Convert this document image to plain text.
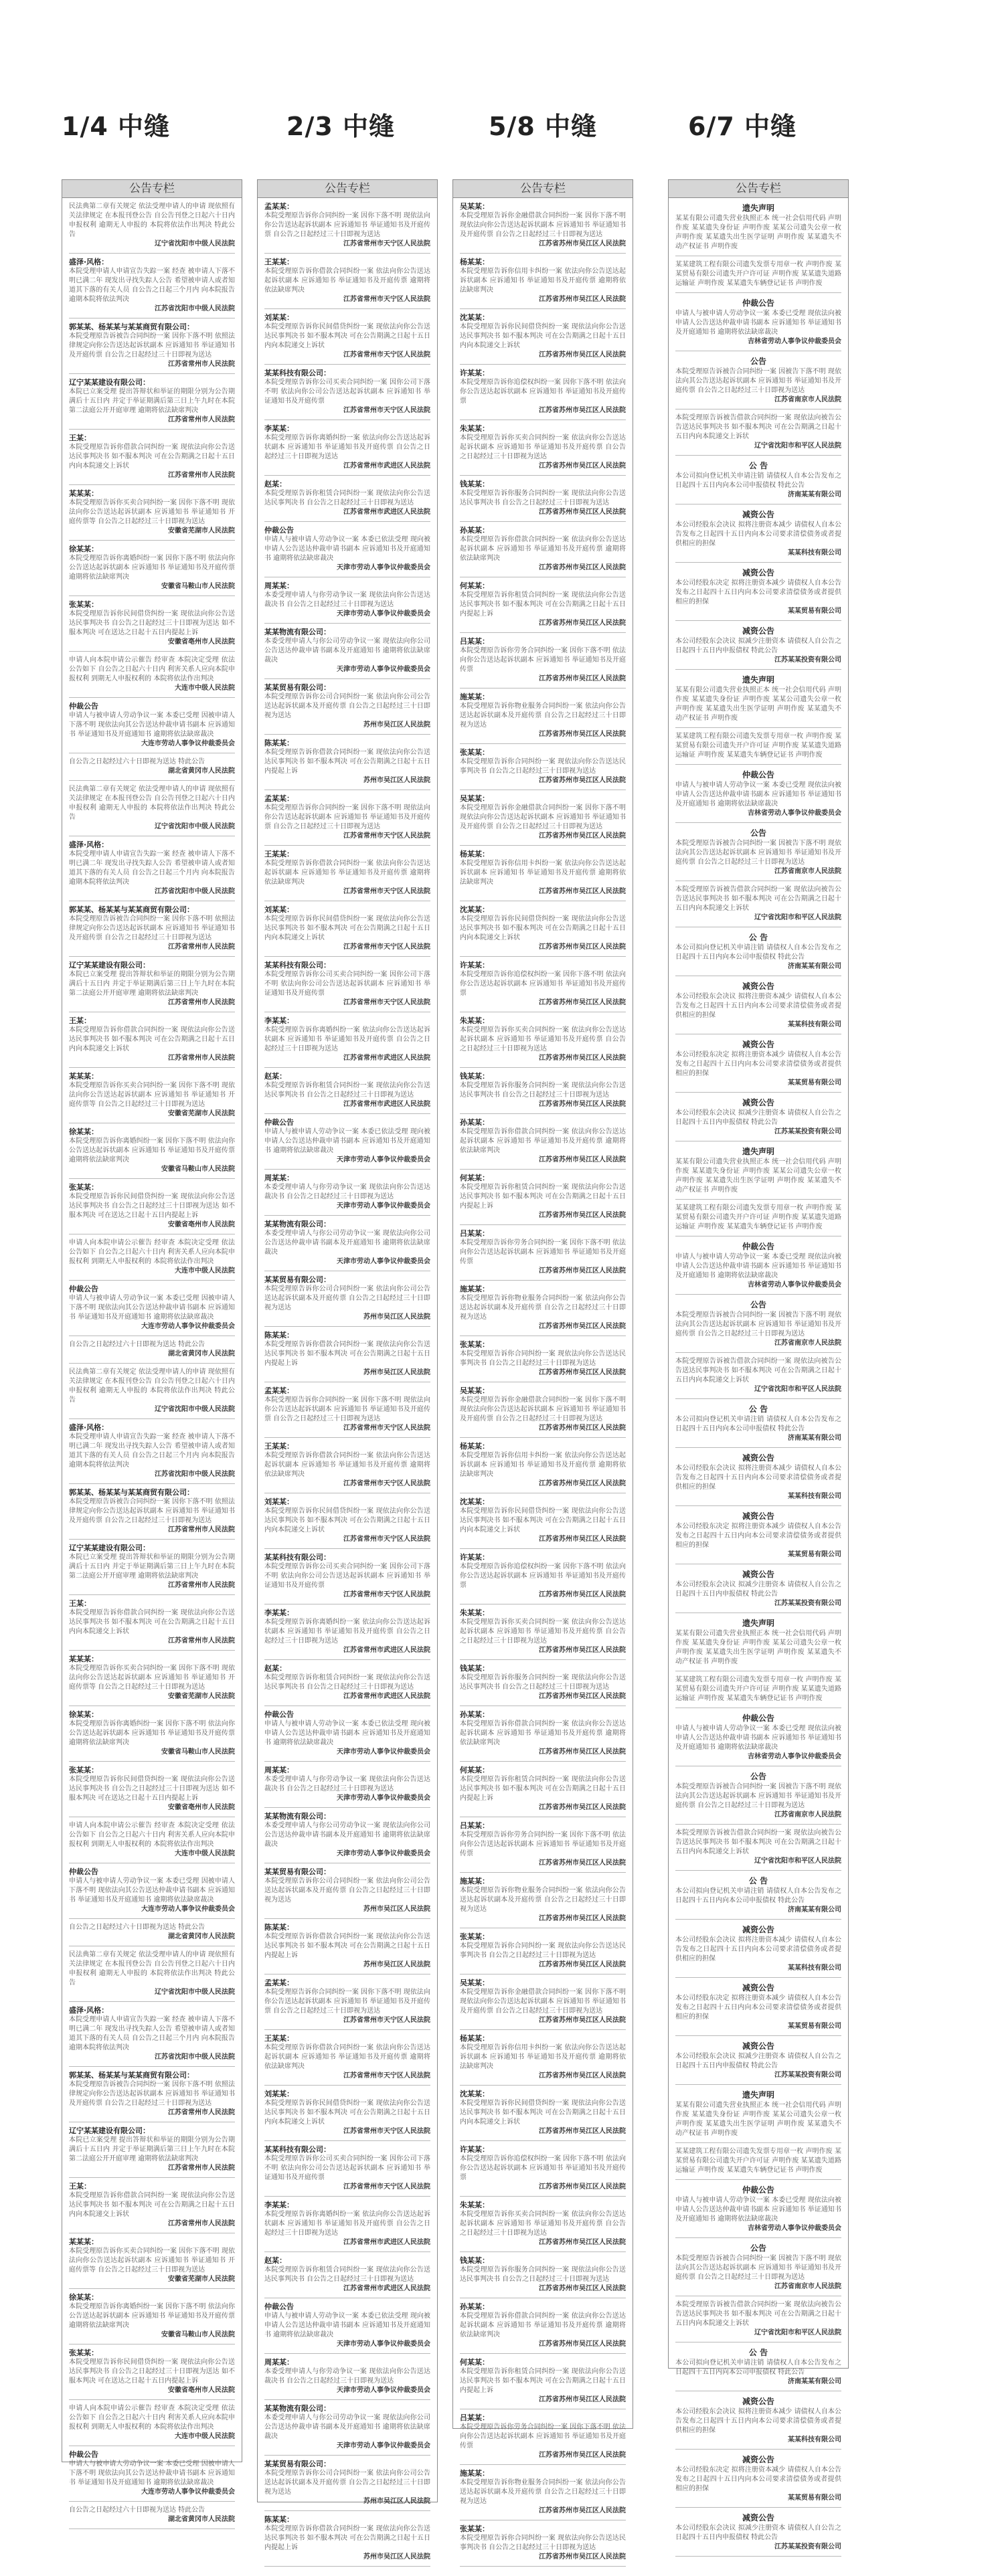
1/4 中缝	2/3 中缝	5/8 中缝	6/7 中缝
公告专栏
民法典第二章有关规定 依法受理申请人的申请 现依照有关法律规定 在本报刊登公告 自公告刊登之日起六十日内 申报权利 逾期无人申报的 本院将依法作出判决 特此公告
辽宁省沈阳市中级人民法院
盛泽·风格：
本院受理申请人申请宣告失踪一案 经查 被申请人下落不明已满二年 现发出寻找失踪人公告 希望被申请人或者知道其下落的有关人员 自公告之日起三个月内 向本院报告 逾期本院将依法判决
江苏省沈阳市中级人民法院
郭某某、杨某某与某某商贸有限公司：
本院受理原告诉被告合同纠纷一案 因你下落不明 依照法律规定向你公告送达起诉状副本 应诉通知书 举证通知书及开庭传票 自公告之日起经过三十日即视为送达
江苏省常州市人民法院
辽宁某某建设有限公司：
本院已立案受理 提出答辩状和举证的期限分别为公告期满后十五日内 并定于举证期满后第三日上午九时在本院第二法庭公开开庭审理 逾期将依法缺席判决
江苏省常州市人民法院
王某：
本院受理原告诉你借款合同纠纷一案 现依法向你公告送达民事判决书 如不服本判决 可在公告期满之日起十五日内向本院递交上诉状
江苏省常州市人民法院
某某某：
本院受理原告诉你买卖合同纠纷一案 因你下落不明 现依法向你公告送达起诉状副本 应诉通知书 举证通知书 开庭传票等 自公告之日起经过三十日即视为送达
安徽省芜湖市人民法院
徐某某：
本院受理原告诉你离婚纠纷一案 因你下落不明 依法向你公告送达起诉状副本 应诉通知书 举证通知书及开庭传票 逾期将依法缺席判决
安徽省马鞍山市人民法院
张某某：
本院受理原告诉你民间借贷纠纷一案 现依法向你公告送达民事判决书 自公告之日起经过三十日即视为送达 如不服本判决 可在送达之日起十五日内提起上诉
安徽省亳州市人民法院
申请人向本院申请公示催告 经审查 本院决定受理 依法公告如下 自公告之日起六十日内 利害关系人应向本院申报权利 到期无人申报权利的 本院将依法作出判决
大连市中级人民法院
仲裁公告
申请人与被申请人劳动争议一案 本委已受理 因被申请人下落不明 现依法向其公告送达仲裁申请书副本 应诉通知书 举证通知书及开庭通知书 逾期将依法缺席裁决
大连市劳动人事争议仲裁委员会
自公告之日起经过六十日即视为送达 特此公告
湖北省黄冈市人民法院
民法典第二章有关规定 依法受理申请人的申请 现依照有关法律规定 在本报刊登公告 自公告刊登之日起六十日内 申报权利 逾期无人申报的 本院将依法作出判决 特此公告
辽宁省沈阳市中级人民法院
盛泽·风格：
本院受理申请人申请宣告失踪一案 经查 被申请人下落不明已满二年 现发出寻找失踪人公告 希望被申请人或者知道其下落的有关人员 自公告之日起三个月内 向本院报告 逾期本院将依法判决
江苏省沈阳市中级人民法院
郭某某、杨某某与某某商贸有限公司：
本院受理原告诉被告合同纠纷一案 因你下落不明 依照法律规定向你公告送达起诉状副本 应诉通知书 举证通知书及开庭传票 自公告之日起经过三十日即视为送达
江苏省常州市人民法院
辽宁某某建设有限公司：
本院已立案受理 提出答辩状和举证的期限分别为公告期满后十五日内 并定于举证期满后第三日上午九时在本院第二法庭公开开庭审理 逾期将依法缺席判决
江苏省常州市人民法院
王某：
本院受理原告诉你借款合同纠纷一案 现依法向你公告送达民事判决书 如不服本判决 可在公告期满之日起十五日内向本院递交上诉状
江苏省常州市人民法院
某某某：
本院受理原告诉你买卖合同纠纷一案 因你下落不明 现依法向你公告送达起诉状副本 应诉通知书 举证通知书 开庭传票等 自公告之日起经过三十日即视为送达
安徽省芜湖市人民法院
徐某某：
本院受理原告诉你离婚纠纷一案 因你下落不明 依法向你公告送达起诉状副本 应诉通知书 举证通知书及开庭传票 逾期将依法缺席判决
安徽省马鞍山市人民法院
张某某：
本院受理原告诉你民间借贷纠纷一案 现依法向你公告送达民事判决书 自公告之日起经过三十日即视为送达 如不服本判决 可在送达之日起十五日内提起上诉
安徽省亳州市人民法院
申请人向本院申请公示催告 经审查 本院决定受理 依法公告如下 自公告之日起六十日内 利害关系人应向本院申报权利 到期无人申报权利的 本院将依法作出判决
大连市中级人民法院
仲裁公告
申请人与被申请人劳动争议一案 本委已受理 因被申请人下落不明 现依法向其公告送达仲裁申请书副本 应诉通知书 举证通知书及开庭通知书 逾期将依法缺席裁决
大连市劳动人事争议仲裁委员会
自公告之日起经过六十日即视为送达 特此公告
湖北省黄冈市人民法院
民法典第二章有关规定 依法受理申请人的申请 现依照有关法律规定 在本报刊登公告 自公告刊登之日起六十日内 申报权利 逾期无人申报的 本院将依法作出判决 特此公告
辽宁省沈阳市中级人民法院
盛泽·风格：
本院受理申请人申请宣告失踪一案 经查 被申请人下落不明已满二年 现发出寻找失踪人公告 希望被申请人或者知道其下落的有关人员 自公告之日起三个月内 向本院报告 逾期本院将依法判决
江苏省沈阳市中级人民法院
郭某某、杨某某与某某商贸有限公司：
本院受理原告诉被告合同纠纷一案 因你下落不明 依照法律规定向你公告送达起诉状副本 应诉通知书 举证通知书及开庭传票 自公告之日起经过三十日即视为送达
江苏省常州市人民法院
辽宁某某建设有限公司：
本院已立案受理 提出答辩状和举证的期限分别为公告期满后十五日内 并定于举证期满后第三日上午九时在本院第二法庭公开开庭审理 逾期将依法缺席判决
江苏省常州市人民法院
王某：
本院受理原告诉你借款合同纠纷一案 现依法向你公告送达民事判决书 如不服本判决 可在公告期满之日起十五日内向本院递交上诉状
江苏省常州市人民法院
某某某：
本院受理原告诉你买卖合同纠纷一案 因你下落不明 现依法向你公告送达起诉状副本 应诉通知书 举证通知书 开庭传票等 自公告之日起经过三十日即视为送达
安徽省芜湖市人民法院
徐某某：
本院受理原告诉你离婚纠纷一案 因你下落不明 依法向你公告送达起诉状副本 应诉通知书 举证通知书及开庭传票 逾期将依法缺席判决
安徽省马鞍山市人民法院
张某某：
本院受理原告诉你民间借贷纠纷一案 现依法向你公告送达民事判决书 自公告之日起经过三十日即视为送达 如不服本判决 可在送达之日起十五日内提起上诉
安徽省亳州市人民法院
申请人向本院申请公示催告 经审查 本院决定受理 依法公告如下 自公告之日起六十日内 利害关系人应向本院申报权利 到期无人申报权利的 本院将依法作出判决
大连市中级人民法院
仲裁公告
申请人与被申请人劳动争议一案 本委已受理 因被申请人下落不明 现依法向其公告送达仲裁申请书副本 应诉通知书 举证通知书及开庭通知书 逾期将依法缺席裁决
大连市劳动人事争议仲裁委员会
自公告之日起经过六十日即视为送达 特此公告
湖北省黄冈市人民法院
民法典第二章有关规定 依法受理申请人的申请 现依照有关法律规定 在本报刊登公告 自公告刊登之日起六十日内 申报权利 逾期无人申报的 本院将依法作出判决 特此公告
辽宁省沈阳市中级人民法院
盛泽·风格：
本院受理申请人申请宣告失踪一案 经查 被申请人下落不明已满二年 现发出寻找失踪人公告 希望被申请人或者知道其下落的有关人员 自公告之日起三个月内 向本院报告 逾期本院将依法判决
江苏省沈阳市中级人民法院
郭某某、杨某某与某某商贸有限公司：
本院受理原告诉被告合同纠纷一案 因你下落不明 依照法律规定向你公告送达起诉状副本 应诉通知书 举证通知书及开庭传票 自公告之日起经过三十日即视为送达
江苏省常州市人民法院
辽宁某某建设有限公司：
本院已立案受理 提出答辩状和举证的期限分别为公告期满后十五日内 并定于举证期满后第三日上午九时在本院第二法庭公开开庭审理 逾期将依法缺席判决
江苏省常州市人民法院
王某：
本院受理原告诉你借款合同纠纷一案 现依法向你公告送达民事判决书 如不服本判决 可在公告期满之日起十五日内向本院递交上诉状
江苏省常州市人民法院
某某某：
本院受理原告诉你买卖合同纠纷一案 因你下落不明 现依法向你公告送达起诉状副本 应诉通知书 举证通知书 开庭传票等 自公告之日起经过三十日即视为送达
安徽省芜湖市人民法院
徐某某：
本院受理原告诉你离婚纠纷一案 因你下落不明 依法向你公告送达起诉状副本 应诉通知书 举证通知书及开庭传票 逾期将依法缺席判决
安徽省马鞍山市人民法院
张某某：
本院受理原告诉你民间借贷纠纷一案 现依法向你公告送达民事判决书 自公告之日起经过三十日即视为送达 如不服本判决 可在送达之日起十五日内提起上诉
安徽省亳州市人民法院
申请人向本院申请公示催告 经审查 本院决定受理 依法公告如下 自公告之日起六十日内 利害关系人应向本院申报权利 到期无人申报权利的 本院将依法作出判决
大连市中级人民法院
仲裁公告
申请人与被申请人劳动争议一案 本委已受理 因被申请人下落不明 现依法向其公告送达仲裁申请书副本 应诉通知书 举证通知书及开庭通知书 逾期将依法缺席裁决
大连市劳动人事争议仲裁委员会
自公告之日起经过六十日即视为送达 特此公告
湖北省黄冈市人民法院
公告专栏
孟某某：
本院受理原告诉你合同纠纷一案 因你下落不明 现依法向你公告送达起诉状副本 应诉通知书 举证通知书及开庭传票 自公告之日起经过三十日即视为送达
江苏省常州市天宁区人民法院
王某某：
本院受理原告诉你借款合同纠纷一案 依法向你公告送达起诉状副本 应诉通知书 举证通知书及开庭传票 逾期将依法缺席判决
江苏省常州市天宁区人民法院
刘某某：
本院受理原告诉你民间借贷纠纷一案 现依法向你公告送达民事判决书 如不服本判决 可在公告期满之日起十五日内向本院递交上诉状
江苏省常州市天宁区人民法院
某某科技有限公司：
本院受理原告诉你公司买卖合同纠纷一案 因你公司下落不明 依法向你公司公告送达起诉状副本 应诉通知书 举证通知书及开庭传票
江苏省常州市天宁区人民法院
李某某：
本院受理原告诉你离婚纠纷一案 依法向你公告送达起诉状副本 应诉通知书 举证通知书及开庭传票 自公告之日起经过三十日即视为送达
江苏省常州市武进区人民法院
赵某：
本院受理原告诉你租赁合同纠纷一案 现依法向你公告送达民事判决书 自公告之日起经过三十日即视为送达
江苏省常州市武进区人民法院
仲裁公告
申请人与被申请人劳动争议一案 本委已依法受理 现向被申请人公告送达仲裁申请书副本 应诉通知书及开庭通知书 逾期将依法缺席裁决
天津市劳动人事争议仲裁委员会
周某某：
本委受理申请人与你劳动争议一案 现依法向你公告送达裁决书 自公告之日起经过三十日即视为送达
天津市劳动人事争议仲裁委员会
某某物流有限公司：
本委受理申请人与你公司劳动争议一案 现依法向你公司公告送达仲裁申请书副本及开庭通知书 逾期将依法缺席裁决
天津市劳动人事争议仲裁委员会
某某贸易有限公司：
本院受理原告诉你公司合同纠纷一案 依法向你公司公告送达起诉状副本及开庭传票 自公告之日起经过三十日即视为送达
苏州市吴江区人民法院
陈某某：
本院受理原告诉你借款合同纠纷一案 现依法向你公告送达民事判决书 如不服本判决 可在公告期满之日起十五日内提起上诉
苏州市吴江区人民法院
孟某某：
本院受理原告诉你合同纠纷一案 因你下落不明 现依法向你公告送达起诉状副本 应诉通知书 举证通知书及开庭传票 自公告之日起经过三十日即视为送达
江苏省常州市天宁区人民法院
王某某：
本院受理原告诉你借款合同纠纷一案 依法向你公告送达起诉状副本 应诉通知书 举证通知书及开庭传票 逾期将依法缺席判决
江苏省常州市天宁区人民法院
刘某某：
本院受理原告诉你民间借贷纠纷一案 现依法向你公告送达民事判决书 如不服本判决 可在公告期满之日起十五日内向本院递交上诉状
江苏省常州市天宁区人民法院
某某科技有限公司：
本院受理原告诉你公司买卖合同纠纷一案 因你公司下落不明 依法向你公司公告送达起诉状副本 应诉通知书 举证通知书及开庭传票
江苏省常州市天宁区人民法院
李某某：
本院受理原告诉你离婚纠纷一案 依法向你公告送达起诉状副本 应诉通知书 举证通知书及开庭传票 自公告之日起经过三十日即视为送达
江苏省常州市武进区人民法院
赵某：
本院受理原告诉你租赁合同纠纷一案 现依法向你公告送达民事判决书 自公告之日起经过三十日即视为送达
江苏省常州市武进区人民法院
仲裁公告
申请人与被申请人劳动争议一案 本委已依法受理 现向被申请人公告送达仲裁申请书副本 应诉通知书及开庭通知书 逾期将依法缺席裁决
天津市劳动人事争议仲裁委员会
周某某：
本委受理申请人与你劳动争议一案 现依法向你公告送达裁决书 自公告之日起经过三十日即视为送达
天津市劳动人事争议仲裁委员会
某某物流有限公司：
本委受理申请人与你公司劳动争议一案 现依法向你公司公告送达仲裁申请书副本及开庭通知书 逾期将依法缺席裁决
天津市劳动人事争议仲裁委员会
某某贸易有限公司：
本院受理原告诉你公司合同纠纷一案 依法向你公司公告送达起诉状副本及开庭传票 自公告之日起经过三十日即视为送达
苏州市吴江区人民法院
陈某某：
本院受理原告诉你借款合同纠纷一案 现依法向你公告送达民事判决书 如不服本判决 可在公告期满之日起十五日内提起上诉
苏州市吴江区人民法院
孟某某：
本院受理原告诉你合同纠纷一案 因你下落不明 现依法向你公告送达起诉状副本 应诉通知书 举证通知书及开庭传票 自公告之日起经过三十日即视为送达
江苏省常州市天宁区人民法院
王某某：
本院受理原告诉你借款合同纠纷一案 依法向你公告送达起诉状副本 应诉通知书 举证通知书及开庭传票 逾期将依法缺席判决
江苏省常州市天宁区人民法院
刘某某：
本院受理原告诉你民间借贷纠纷一案 现依法向你公告送达民事判决书 如不服本判决 可在公告期满之日起十五日内向本院递交上诉状
江苏省常州市天宁区人民法院
某某科技有限公司：
本院受理原告诉你公司买卖合同纠纷一案 因你公司下落不明 依法向你公司公告送达起诉状副本 应诉通知书 举证通知书及开庭传票
江苏省常州市天宁区人民法院
李某某：
本院受理原告诉你离婚纠纷一案 依法向你公告送达起诉状副本 应诉通知书 举证通知书及开庭传票 自公告之日起经过三十日即视为送达
江苏省常州市武进区人民法院
赵某：
本院受理原告诉你租赁合同纠纷一案 现依法向你公告送达民事判决书 自公告之日起经过三十日即视为送达
江苏省常州市武进区人民法院
仲裁公告
申请人与被申请人劳动争议一案 本委已依法受理 现向被申请人公告送达仲裁申请书副本 应诉通知书及开庭通知书 逾期将依法缺席裁决
天津市劳动人事争议仲裁委员会
周某某：
本委受理申请人与你劳动争议一案 现依法向你公告送达裁决书 自公告之日起经过三十日即视为送达
天津市劳动人事争议仲裁委员会
某某物流有限公司：
本委受理申请人与你公司劳动争议一案 现依法向你公司公告送达仲裁申请书副本及开庭通知书 逾期将依法缺席裁决
天津市劳动人事争议仲裁委员会
某某贸易有限公司：
本院受理原告诉你公司合同纠纷一案 依法向你公司公告送达起诉状副本及开庭传票 自公告之日起经过三十日即视为送达
苏州市吴江区人民法院
陈某某：
本院受理原告诉你借款合同纠纷一案 现依法向你公告送达民事判决书 如不服本判决 可在公告期满之日起十五日内提起上诉
苏州市吴江区人民法院
孟某某：
本院受理原告诉你合同纠纷一案 因你下落不明 现依法向你公告送达起诉状副本 应诉通知书 举证通知书及开庭传票 自公告之日起经过三十日即视为送达
江苏省常州市天宁区人民法院
王某某：
本院受理原告诉你借款合同纠纷一案 依法向你公告送达起诉状副本 应诉通知书 举证通知书及开庭传票 逾期将依法缺席判决
江苏省常州市天宁区人民法院
刘某某：
本院受理原告诉你民间借贷纠纷一案 现依法向你公告送达民事判决书 如不服本判决 可在公告期满之日起十五日内向本院递交上诉状
江苏省常州市天宁区人民法院
某某科技有限公司：
本院受理原告诉你公司买卖合同纠纷一案 因你公司下落不明 依法向你公司公告送达起诉状副本 应诉通知书 举证通知书及开庭传票
江苏省常州市天宁区人民法院
李某某：
本院受理原告诉你离婚纠纷一案 依法向你公告送达起诉状副本 应诉通知书 举证通知书及开庭传票 自公告之日起经过三十日即视为送达
江苏省常州市武进区人民法院
赵某：
本院受理原告诉你租赁合同纠纷一案 现依法向你公告送达民事判决书 自公告之日起经过三十日即视为送达
江苏省常州市武进区人民法院
仲裁公告
申请人与被申请人劳动争议一案 本委已依法受理 现向被申请人公告送达仲裁申请书副本 应诉通知书及开庭通知书 逾期将依法缺席裁决
天津市劳动人事争议仲裁委员会
周某某：
本委受理申请人与你劳动争议一案 现依法向你公告送达裁决书 自公告之日起经过三十日即视为送达
天津市劳动人事争议仲裁委员会
某某物流有限公司：
本委受理申请人与你公司劳动争议一案 现依法向你公司公告送达仲裁申请书副本及开庭通知书 逾期将依法缺席裁决
天津市劳动人事争议仲裁委员会
某某贸易有限公司：
本院受理原告诉你公司合同纠纷一案 依法向你公司公告送达起诉状副本及开庭传票 自公告之日起经过三十日即视为送达
苏州市吴江区人民法院
陈某某：
本院受理原告诉你借款合同纠纷一案 现依法向你公告送达民事判决书 如不服本判决 可在公告期满之日起十五日内提起上诉
苏州市吴江区人民法院
公告专栏
吴某某：
本院受理原告诉你金融借款合同纠纷一案 因你下落不明 现依法向你公告送达起诉状副本 应诉通知书 举证通知书及开庭传票 自公告之日起经过三十日即视为送达
江苏省苏州市吴江区人民法院
杨某某：
本院受理原告诉你信用卡纠纷一案 依法向你公告送达起诉状副本 应诉通知书 举证通知书及开庭传票 逾期将依法缺席判决
江苏省苏州市吴江区人民法院
沈某某：
本院受理原告诉你民间借贷纠纷一案 现依法向你公告送达民事判决书 如不服本判决 可在公告期满之日起十五日内向本院递交上诉状
江苏省苏州市吴江区人民法院
许某某：
本院受理原告诉你追偿权纠纷一案 因你下落不明 依法向你公告送达起诉状副本 应诉通知书 举证通知书及开庭传票
江苏省苏州市吴江区人民法院
朱某某：
本院受理原告诉你买卖合同纠纷一案 依法向你公告送达起诉状副本 应诉通知书 举证通知书及开庭传票 自公告之日起经过三十日即视为送达
江苏省苏州市吴江区人民法院
钱某某：
本院受理原告诉你服务合同纠纷一案 现依法向你公告送达民事判决书 自公告之日起经过三十日即视为送达
江苏省苏州市吴江区人民法院
孙某某：
本院受理原告诉你借款合同纠纷一案 依法向你公告送达起诉状副本 应诉通知书 举证通知书及开庭传票 逾期将依法缺席判决
江苏省苏州市吴江区人民法院
何某某：
本院受理原告诉你租赁合同纠纷一案 现依法向你公告送达民事判决书 如不服本判决 可在公告期满之日起十五日内提起上诉
江苏省苏州市吴江区人民法院
吕某某：
本院受理原告诉你劳务合同纠纷一案 因你下落不明 依法向你公告送达起诉状副本 应诉通知书 举证通知书及开庭传票
江苏省苏州市吴江区人民法院
施某某：
本院受理原告诉你物业服务合同纠纷一案 依法向你公告送达起诉状副本及开庭传票 自公告之日起经过三十日即视为送达
江苏省苏州市吴江区人民法院
张某某：
本院受理原告诉你合同纠纷一案 现依法向你公告送达民事判决书 自公告之日起经过三十日即视为送达
江苏省苏州市吴江区人民法院
吴某某：
本院受理原告诉你金融借款合同纠纷一案 因你下落不明 现依法向你公告送达起诉状副本 应诉通知书 举证通知书及开庭传票 自公告之日起经过三十日即视为送达
江苏省苏州市吴江区人民法院
杨某某：
本院受理原告诉你信用卡纠纷一案 依法向你公告送达起诉状副本 应诉通知书 举证通知书及开庭传票 逾期将依法缺席判决
江苏省苏州市吴江区人民法院
沈某某：
本院受理原告诉你民间借贷纠纷一案 现依法向你公告送达民事判决书 如不服本判决 可在公告期满之日起十五日内向本院递交上诉状
江苏省苏州市吴江区人民法院
许某某：
本院受理原告诉你追偿权纠纷一案 因你下落不明 依法向你公告送达起诉状副本 应诉通知书 举证通知书及开庭传票
江苏省苏州市吴江区人民法院
朱某某：
本院受理原告诉你买卖合同纠纷一案 依法向你公告送达起诉状副本 应诉通知书 举证通知书及开庭传票 自公告之日起经过三十日即视为送达
江苏省苏州市吴江区人民法院
钱某某：
本院受理原告诉你服务合同纠纷一案 现依法向你公告送达民事判决书 自公告之日起经过三十日即视为送达
江苏省苏州市吴江区人民法院
孙某某：
本院受理原告诉你借款合同纠纷一案 依法向你公告送达起诉状副本 应诉通知书 举证通知书及开庭传票 逾期将依法缺席判决
江苏省苏州市吴江区人民法院
何某某：
本院受理原告诉你租赁合同纠纷一案 现依法向你公告送达民事判决书 如不服本判决 可在公告期满之日起十五日内提起上诉
江苏省苏州市吴江区人民法院
吕某某：
本院受理原告诉你劳务合同纠纷一案 因你下落不明 依法向你公告送达起诉状副本 应诉通知书 举证通知书及开庭传票
江苏省苏州市吴江区人民法院
施某某：
本院受理原告诉你物业服务合同纠纷一案 依法向你公告送达起诉状副本及开庭传票 自公告之日起经过三十日即视为送达
江苏省苏州市吴江区人民法院
张某某：
本院受理原告诉你合同纠纷一案 现依法向你公告送达民事判决书 自公告之日起经过三十日即视为送达
江苏省苏州市吴江区人民法院
吴某某：
本院受理原告诉你金融借款合同纠纷一案 因你下落不明 现依法向你公告送达起诉状副本 应诉通知书 举证通知书及开庭传票 自公告之日起经过三十日即视为送达
江苏省苏州市吴江区人民法院
杨某某：
本院受理原告诉你信用卡纠纷一案 依法向你公告送达起诉状副本 应诉通知书 举证通知书及开庭传票 逾期将依法缺席判决
江苏省苏州市吴江区人民法院
沈某某：
本院受理原告诉你民间借贷纠纷一案 现依法向你公告送达民事判决书 如不服本判决 可在公告期满之日起十五日内向本院递交上诉状
江苏省苏州市吴江区人民法院
许某某：
本院受理原告诉你追偿权纠纷一案 因你下落不明 依法向你公告送达起诉状副本 应诉通知书 举证通知书及开庭传票
江苏省苏州市吴江区人民法院
朱某某：
本院受理原告诉你买卖合同纠纷一案 依法向你公告送达起诉状副本 应诉通知书 举证通知书及开庭传票 自公告之日起经过三十日即视为送达
江苏省苏州市吴江区人民法院
钱某某：
本院受理原告诉你服务合同纠纷一案 现依法向你公告送达民事判决书 自公告之日起经过三十日即视为送达
江苏省苏州市吴江区人民法院
孙某某：
本院受理原告诉你借款合同纠纷一案 依法向你公告送达起诉状副本 应诉通知书 举证通知书及开庭传票 逾期将依法缺席判决
江苏省苏州市吴江区人民法院
何某某：
本院受理原告诉你租赁合同纠纷一案 现依法向你公告送达民事判决书 如不服本判决 可在公告期满之日起十五日内提起上诉
江苏省苏州市吴江区人民法院
吕某某：
本院受理原告诉你劳务合同纠纷一案 因你下落不明 依法向你公告送达起诉状副本 应诉通知书 举证通知书及开庭传票
江苏省苏州市吴江区人民法院
施某某：
本院受理原告诉你物业服务合同纠纷一案 依法向你公告送达起诉状副本及开庭传票 自公告之日起经过三十日即视为送达
江苏省苏州市吴江区人民法院
张某某：
本院受理原告诉你合同纠纷一案 现依法向你公告送达民事判决书 自公告之日起经过三十日即视为送达
江苏省苏州市吴江区人民法院
吴某某：
本院受理原告诉你金融借款合同纠纷一案 因你下落不明 现依法向你公告送达起诉状副本 应诉通知书 举证通知书及开庭传票 自公告之日起经过三十日即视为送达
江苏省苏州市吴江区人民法院
杨某某：
本院受理原告诉你信用卡纠纷一案 依法向你公告送达起诉状副本 应诉通知书 举证通知书及开庭传票 逾期将依法缺席判决
江苏省苏州市吴江区人民法院
沈某某：
本院受理原告诉你民间借贷纠纷一案 现依法向你公告送达民事判决书 如不服本判决 可在公告期满之日起十五日内向本院递交上诉状
江苏省苏州市吴江区人民法院
许某某：
本院受理原告诉你追偿权纠纷一案 因你下落不明 依法向你公告送达起诉状副本 应诉通知书 举证通知书及开庭传票
江苏省苏州市吴江区人民法院
朱某某：
本院受理原告诉你买卖合同纠纷一案 依法向你公告送达起诉状副本 应诉通知书 举证通知书及开庭传票 自公告之日起经过三十日即视为送达
江苏省苏州市吴江区人民法院
钱某某：
本院受理原告诉你服务合同纠纷一案 现依法向你公告送达民事判决书 自公告之日起经过三十日即视为送达
江苏省苏州市吴江区人民法院
孙某某：
本院受理原告诉你借款合同纠纷一案 依法向你公告送达起诉状副本 应诉通知书 举证通知书及开庭传票 逾期将依法缺席判决
江苏省苏州市吴江区人民法院
何某某：
本院受理原告诉你租赁合同纠纷一案 现依法向你公告送达民事判决书 如不服本判决 可在公告期满之日起十五日内提起上诉
江苏省苏州市吴江区人民法院
吕某某：
本院受理原告诉你劳务合同纠纷一案 因你下落不明 依法向你公告送达起诉状副本 应诉通知书 举证通知书及开庭传票
江苏省苏州市吴江区人民法院
施某某：
本院受理原告诉你物业服务合同纠纷一案 依法向你公告送达起诉状副本及开庭传票 自公告之日起经过三十日即视为送达
江苏省苏州市吴江区人民法院
张某某：
本院受理原告诉你合同纠纷一案 现依法向你公告送达民事判决书 自公告之日起经过三十日即视为送达
江苏省苏州市吴江区人民法院
公告专栏
遗失声明
某某有限公司遗失营业执照正本 统一社会信用代码 声明作废 某某遗失身份证 声明作废 某某公司遗失公章一枚 声明作废 某某遗失出生医学证明 声明作废 某某遗失不动产权证书 声明作废
某某建筑工程有限公司遗失发票专用章一枚 声明作废 某某贸易有限公司遗失开户许可证 声明作废 某某遗失道路运输证 声明作废 某某遗失车辆登记证书 声明作废
仲裁公告
申请人与被申请人劳动争议一案 本委已受理 现依法向被申请人公告送达仲裁申请书副本 应诉通知书 举证通知书及开庭通知书 逾期将依法缺席裁决
吉林省劳动人事争议仲裁委员会
公告
本院受理原告诉被告合同纠纷一案 因被告下落不明 现依法向其公告送达起诉状副本 应诉通知书 举证通知书及开庭传票 自公告之日起经过三十日即视为送达
江苏省南京市人民法院
本院受理原告诉被告借款合同纠纷一案 现依法向被告公告送达民事判决书 如不服本判决 可在公告期满之日起十五日内向本院递交上诉状
辽宁省沈阳市和平区人民法院
公 告
本公司拟向登记机关申请注销 请债权人自本公告发布之日起四十五日内向本公司申报债权 特此公告
济南某某有限公司
减资公告
本公司经股东会决议 拟将注册资本减少 请债权人自本公告发布之日起四十五日内向本公司要求清偿债务或者提供相应的担保
某某科技有限公司
减资公告
本公司经股东决定 拟将注册资本减少 请债权人自本公告发布之日起四十五日内向本公司要求清偿债务或者提供相应的担保
某某贸易有限公司
减资公告
本公司经股东会决议 拟减少注册资本 请债权人自公告之日起四十五日内申报债权 特此公告
江苏某某投资有限公司
遗失声明
某某有限公司遗失营业执照正本 统一社会信用代码 声明作废 某某遗失身份证 声明作废 某某公司遗失公章一枚 声明作废 某某遗失出生医学证明 声明作废 某某遗失不动产权证书 声明作废
某某建筑工程有限公司遗失发票专用章一枚 声明作废 某某贸易有限公司遗失开户许可证 声明作废 某某遗失道路运输证 声明作废 某某遗失车辆登记证书 声明作废
仲裁公告
申请人与被申请人劳动争议一案 本委已受理 现依法向被申请人公告送达仲裁申请书副本 应诉通知书 举证通知书及开庭通知书 逾期将依法缺席裁决
吉林省劳动人事争议仲裁委员会
公告
本院受理原告诉被告合同纠纷一案 因被告下落不明 现依法向其公告送达起诉状副本 应诉通知书 举证通知书及开庭传票 自公告之日起经过三十日即视为送达
江苏省南京市人民法院
本院受理原告诉被告借款合同纠纷一案 现依法向被告公告送达民事判决书 如不服本判决 可在公告期满之日起十五日内向本院递交上诉状
辽宁省沈阳市和平区人民法院
公 告
本公司拟向登记机关申请注销 请债权人自本公告发布之日起四十五日内向本公司申报债权 特此公告
济南某某有限公司
减资公告
本公司经股东会决议 拟将注册资本减少 请债权人自本公告发布之日起四十五日内向本公司要求清偿债务或者提供相应的担保
某某科技有限公司
减资公告
本公司经股东决定 拟将注册资本减少 请债权人自本公告发布之日起四十五日内向本公司要求清偿债务或者提供相应的担保
某某贸易有限公司
减资公告
本公司经股东会决议 拟减少注册资本 请债权人自公告之日起四十五日内申报债权 特此公告
江苏某某投资有限公司
遗失声明
某某有限公司遗失营业执照正本 统一社会信用代码 声明作废 某某遗失身份证 声明作废 某某公司遗失公章一枚 声明作废 某某遗失出生医学证明 声明作废 某某遗失不动产权证书 声明作废
某某建筑工程有限公司遗失发票专用章一枚 声明作废 某某贸易有限公司遗失开户许可证 声明作废 某某遗失道路运输证 声明作废 某某遗失车辆登记证书 声明作废
仲裁公告
申请人与被申请人劳动争议一案 本委已受理 现依法向被申请人公告送达仲裁申请书副本 应诉通知书 举证通知书及开庭通知书 逾期将依法缺席裁决
吉林省劳动人事争议仲裁委员会
公告
本院受理原告诉被告合同纠纷一案 因被告下落不明 现依法向其公告送达起诉状副本 应诉通知书 举证通知书及开庭传票 自公告之日起经过三十日即视为送达
江苏省南京市人民法院
本院受理原告诉被告借款合同纠纷一案 现依法向被告公告送达民事判决书 如不服本判决 可在公告期满之日起十五日内向本院递交上诉状
辽宁省沈阳市和平区人民法院
公 告
本公司拟向登记机关申请注销 请债权人自本公告发布之日起四十五日内向本公司申报债权 特此公告
济南某某有限公司
减资公告
本公司经股东会决议 拟将注册资本减少 请债权人自本公告发布之日起四十五日内向本公司要求清偿债务或者提供相应的担保
某某科技有限公司
减资公告
本公司经股东决定 拟将注册资本减少 请债权人自本公告发布之日起四十五日内向本公司要求清偿债务或者提供相应的担保
某某贸易有限公司
减资公告
本公司经股东会决议 拟减少注册资本 请债权人自公告之日起四十五日内申报债权 特此公告
江苏某某投资有限公司
遗失声明
某某有限公司遗失营业执照正本 统一社会信用代码 声明作废 某某遗失身份证 声明作废 某某公司遗失公章一枚 声明作废 某某遗失出生医学证明 声明作废 某某遗失不动产权证书 声明作废
某某建筑工程有限公司遗失发票专用章一枚 声明作废 某某贸易有限公司遗失开户许可证 声明作废 某某遗失道路运输证 声明作废 某某遗失车辆登记证书 声明作废
仲裁公告
申请人与被申请人劳动争议一案 本委已受理 现依法向被申请人公告送达仲裁申请书副本 应诉通知书 举证通知书及开庭通知书 逾期将依法缺席裁决
吉林省劳动人事争议仲裁委员会
公告
本院受理原告诉被告合同纠纷一案 因被告下落不明 现依法向其公告送达起诉状副本 应诉通知书 举证通知书及开庭传票 自公告之日起经过三十日即视为送达
江苏省南京市人民法院
本院受理原告诉被告借款合同纠纷一案 现依法向被告公告送达民事判决书 如不服本判决 可在公告期满之日起十五日内向本院递交上诉状
辽宁省沈阳市和平区人民法院
公 告
本公司拟向登记机关申请注销 请债权人自本公告发布之日起四十五日内向本公司申报债权 特此公告
济南某某有限公司
减资公告
本公司经股东会决议 拟将注册资本减少 请债权人自本公告发布之日起四十五日内向本公司要求清偿债务或者提供相应的担保
某某科技有限公司
减资公告
本公司经股东决定 拟将注册资本减少 请债权人自本公告发布之日起四十五日内向本公司要求清偿债务或者提供相应的担保
某某贸易有限公司
减资公告
本公司经股东会决议 拟减少注册资本 请债权人自公告之日起四十五日内申报债权 特此公告
江苏某某投资有限公司
遗失声明
某某有限公司遗失营业执照正本 统一社会信用代码 声明作废 某某遗失身份证 声明作废 某某公司遗失公章一枚 声明作废 某某遗失出生医学证明 声明作废 某某遗失不动产权证书 声明作废
某某建筑工程有限公司遗失发票专用章一枚 声明作废 某某贸易有限公司遗失开户许可证 声明作废 某某遗失道路运输证 声明作废 某某遗失车辆登记证书 声明作废
仲裁公告
申请人与被申请人劳动争议一案 本委已受理 现依法向被申请人公告送达仲裁申请书副本 应诉通知书 举证通知书及开庭通知书 逾期将依法缺席裁决
吉林省劳动人事争议仲裁委员会
公告
本院受理原告诉被告合同纠纷一案 因被告下落不明 现依法向其公告送达起诉状副本 应诉通知书 举证通知书及开庭传票 自公告之日起经过三十日即视为送达
江苏省南京市人民法院
本院受理原告诉被告借款合同纠纷一案 现依法向被告公告送达民事判决书 如不服本判决 可在公告期满之日起十五日内向本院递交上诉状
辽宁省沈阳市和平区人民法院
公 告
本公司拟向登记机关申请注销 请债权人自本公告发布之日起四十五日内向本公司申报债权 特此公告
济南某某有限公司
减资公告
本公司经股东会决议 拟将注册资本减少 请债权人自本公告发布之日起四十五日内向本公司要求清偿债务或者提供相应的担保
某某科技有限公司
减资公告
本公司经股东决定 拟将注册资本减少 请债权人自本公告发布之日起四十五日内向本公司要求清偿债务或者提供相应的担保
某某贸易有限公司
减资公告
本公司经股东会决议 拟减少注册资本 请债权人自公告之日起四十五日内申报债权 特此公告
江苏某某投资有限公司
